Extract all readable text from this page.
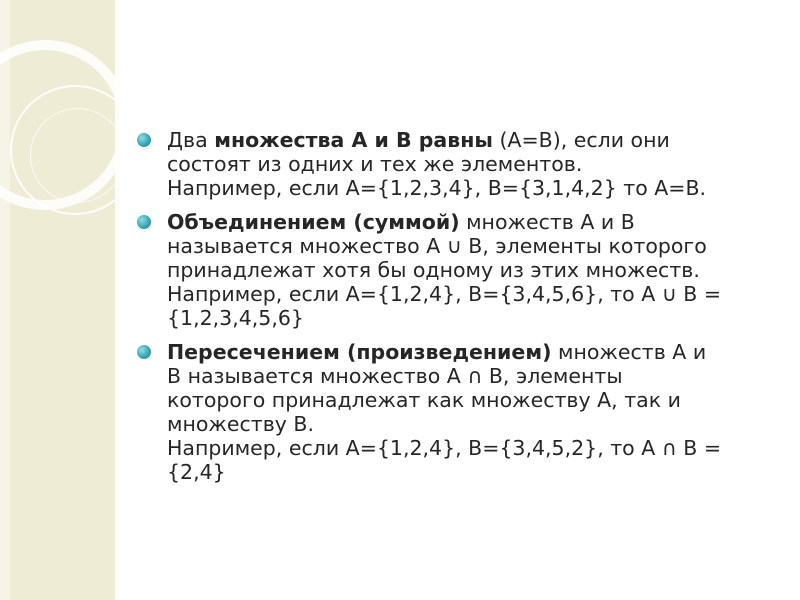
Два множества А и В равны (А=В), если они
состоят из одних и тех же элементов.
Например, если А={1,2,3,4}, В={3,1,4,2} то А=В.
Объединением (суммой) множеств А и В
называется множество А ∪ В, элементы которого
принадлежат хотя бы одному из этих множеств.
Например, если А={1,2,4}, В={3,4,5,6}, то А ∪ В =
{1,2,3,4,5,6}
Пересечением (произведением) множеств А и
В называется множество А ∩ В, элементы
которого принадлежат как множеству А, так и
множеству В.
Например, если А={1,2,4}, В={3,4,5,2}, то А ∩ В =
{2,4}
